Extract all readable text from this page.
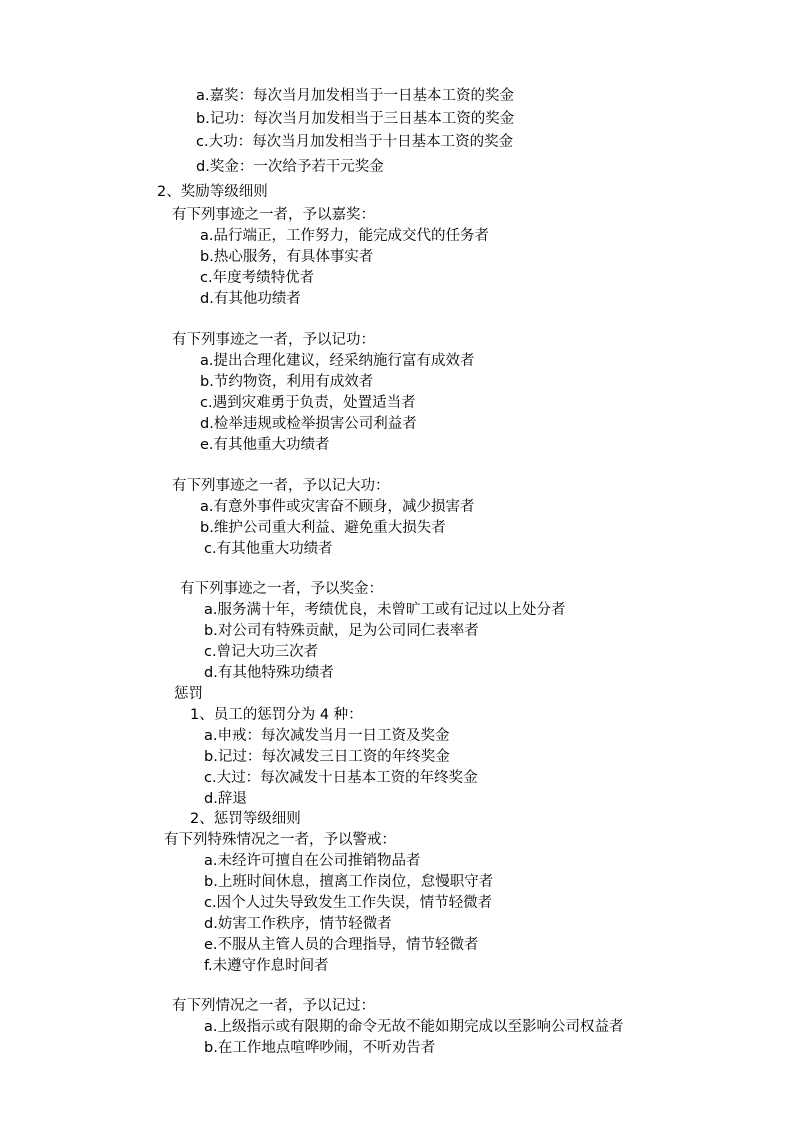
a.嘉奖：每次当月加发相当于一日基本工资的奖金
b.记功：每次当月加发相当于三日基本工资的奖金
c.大功：每次当月加发相当于十日基本工资的奖金
d.奖金：一次给予若干元奖金
2、奖励等级细则
有下列事迹之一者，予以嘉奖：
a.品行端正，工作努力，能完成交代的任务者
b.热心服务，有具体事实者
c.年度考绩特优者
d.有其他功绩者
有下列事迹之一者，予以记功：
a.提出合理化建议，经采纳施行富有成效者
b.节约物资，利用有成效者
c.遇到灾难勇于负责，处置适当者
d.检举违规或检举损害公司利益者
e.有其他重大功绩者
有下列事迹之一者，予以记大功：
a.有意外事件或灾害奋不顾身，减少损害者
b.维护公司重大利益、避免重大损失者
c.有其他重大功绩者
有下列事迹之一者，予以奖金：
a.服务满十年，考绩优良，未曾旷工或有记过以上处分者
b.对公司有特殊贡献，足为公司同仁表率者
c.曾记大功三次者
d.有其他特殊功绩者
惩罚
1、员工的惩罚分为 4 种：
a.申戒：每次减发当月一日工资及奖金
b.记过：每次减发三日工资的年终奖金
c.大过：每次减发十日基本工资的年终奖金
d.辞退
2、惩罚等级细则
有下列特殊情况之一者，予以警戒：
a.未经许可擅自在公司推销物品者
b.上班时间休息，擅离工作岗位，怠慢职守者
c.因个人过失导致发生工作失误，情节轻微者
d.妨害工作秩序，情节轻微者
e.不服从主管人员的合理指导，情节轻微者
f.未遵守作息时间者
有下列情况之一者，予以记过：
a.上级指示或有限期的命令无故不能如期完成以至影响公司权益者
b.在工作地点喧哗吵闹，不听劝告者
